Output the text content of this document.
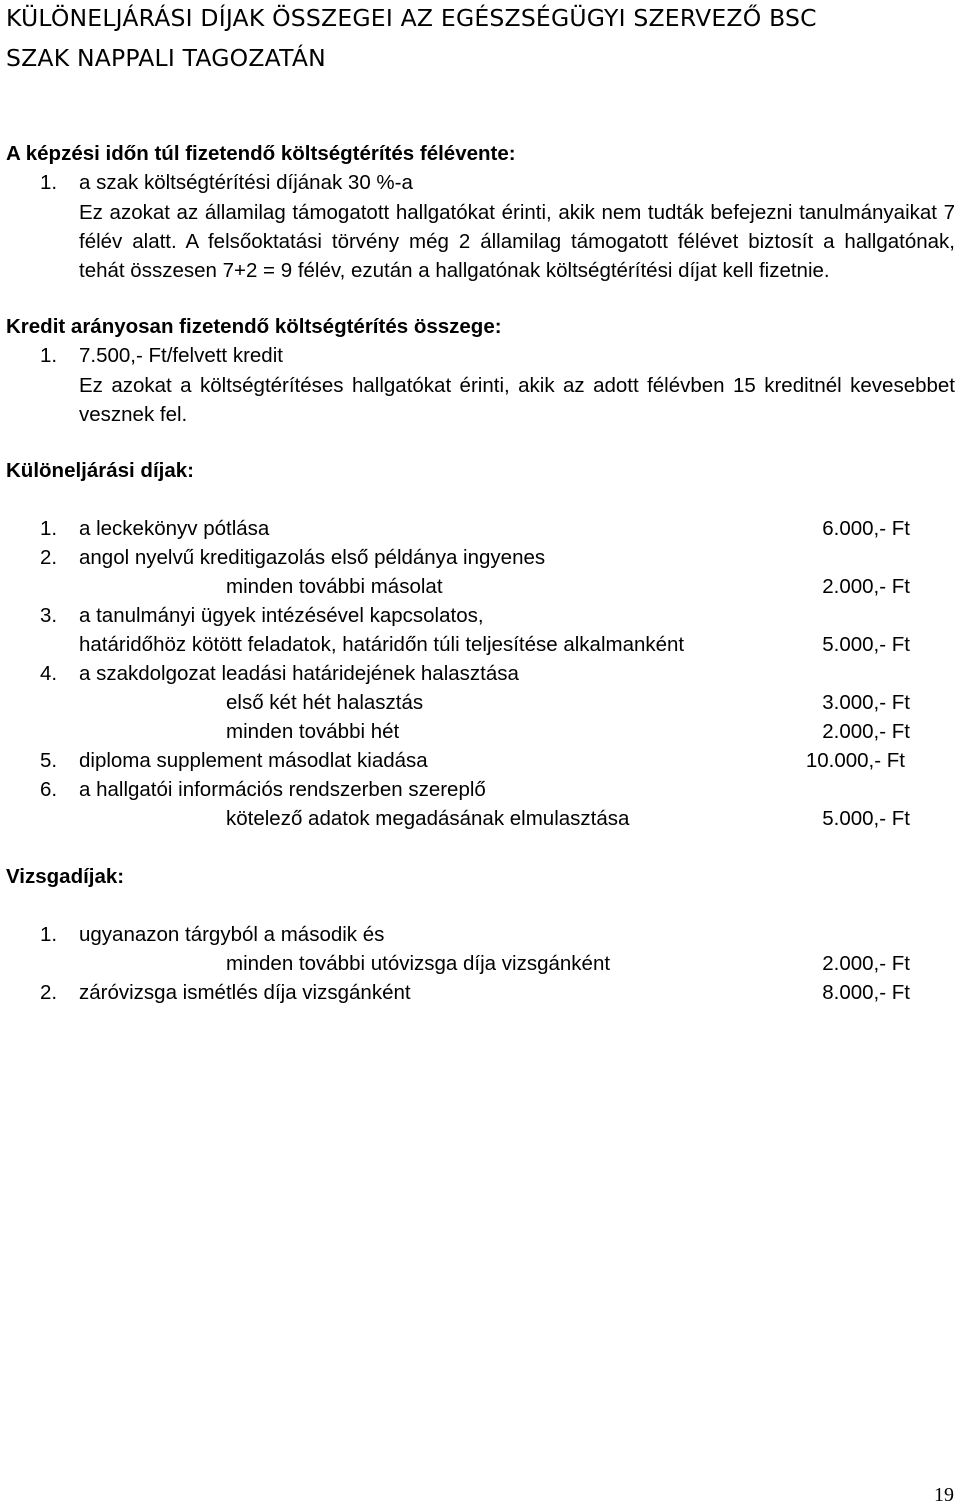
KÜLÖNELJÁRÁSI DÍJAK ÖSSZEGEI AZ EGÉSZSÉGÜGYI SZERVEZŐ BSC
SZAK NAPPALI TAGOZATÁN
A képzési időn túl fizetendő költségtérítés félévente:
1. a szak költségtérítési díjának 30 %-a
Ez azokat az államilag támogatott hallgatókat érinti, akik nem tudták befejezni tanulmányaikat 7 félév alatt. A felsőoktatási törvény még 2 államilag támogatott félévet biztosít a hallgatónak, tehát összesen 7+2 = 9 félév, ezután a hallgatónak költségtérítési díjat kell fizetnie.
Kredit arányosan fizetendő költségtérítés összege:
1. 7.500,- Ft/felvett kredit
Ez azokat a költségtérítéses hallgatókat érinti, akik az adott félévben 15 kreditnél kevesebbet vesznek fel.
Különeljárási díjak:
1. a leckekönyv pótlása	6.000,- Ft
2. angol nyelvű kreditigazolás első példánya ingyenes
minden további másolat	2.000,- Ft
3. a tanulmányi ügyek intézésével kapcsolatos,
határidőhöz kötött feladatok, határidőn túli teljesítése alkalmanként	5.000,- Ft
4. a szakdolgozat leadási határidejének halasztása
első két hét halasztás	3.000,- Ft
minden további hét	2.000,- Ft
5. diploma supplement másodlat kiadása	10.000,- Ft
6. a hallgatói információs rendszerben szereplő
kötelező adatok megadásának elmulasztása	5.000,- Ft
Vizsgadíjak:
1. ugyanazon tárgyból a második és
minden további utóvizsga díja vizsgánként	2.000,- Ft
2. záróvizsga ismétlés díja vizsgánként	8.000,- Ft
19
